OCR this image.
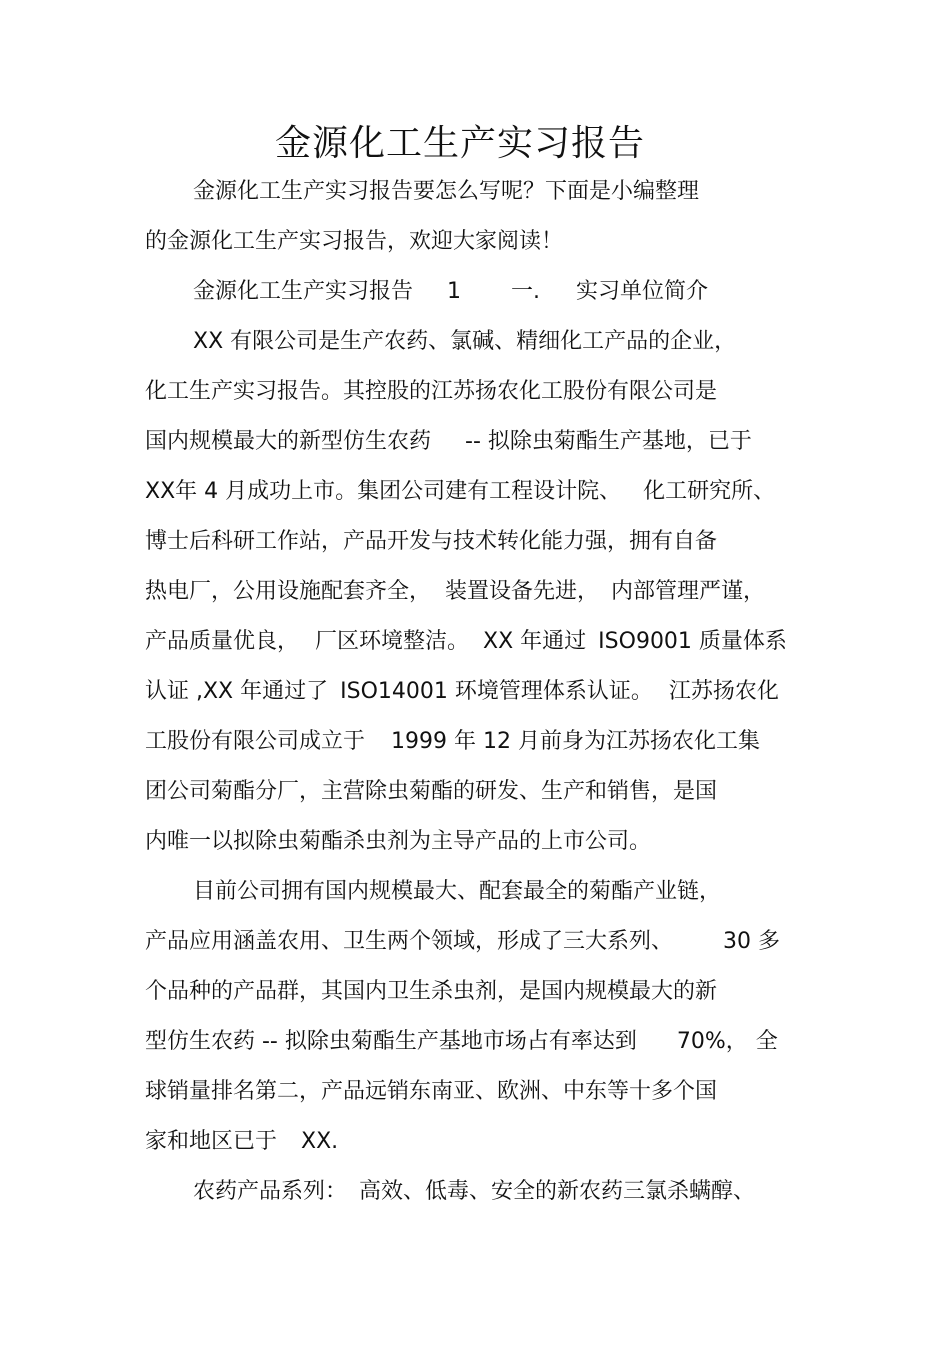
金源化工生产实习报告
金源化工生产实习报告要怎么写呢？下面是小编整理
的金源化工生产实习报告，欢迎大家阅读！
金源化工生产实习报告 1 一. 实习单位简介
XX 有限公司是生产农药、氯碱、精细化工产品的企业，
化工生产实习报告。其控股的江苏扬农化工股份有限公司是
国内规模最大的新型仿生农药 -- 拟除虫菊酯生产基地，已于
XX年 4 月成功上市。集团公司建有工程设计院、 化工研究所、
博士后科研工作站，产品开发与技术转化能力强，拥有自备
热电厂，公用设施配套齐全， 装置设备先进， 内部管理严谨，
产品质量优良， 厂区环境整洁。 XX 年通过 ISO9001 质量体系
认证 ,XX 年通过了 ISO14001 环境管理体系认证。 江苏扬农化
工股份有限公司成立于 1999 年 12 月前身为江苏扬农化工集
团公司菊酯分厂，主营除虫菊酯的研发、生产和销售，是国
内唯一以拟除虫菊酯杀虫剂为主导产品的上市公司。
目前公司拥有国内规模最大、配套最全的菊酯产业链，
产品应用涵盖农用、卫生两个领域，形成了三大系列、 30 多
个品种的产品群，其国内卫生杀虫剂，是国内规模最大的新
型仿生农药 -- 拟除虫菊酯生产基地市场占有率达到 70%， 全
球销量排名第二，产品远销东南亚、欧洲、中东等十多个国
家和地区已于 XX.
农药产品系列： 高效、低毒、安全的新农药三氯杀螨醇、
